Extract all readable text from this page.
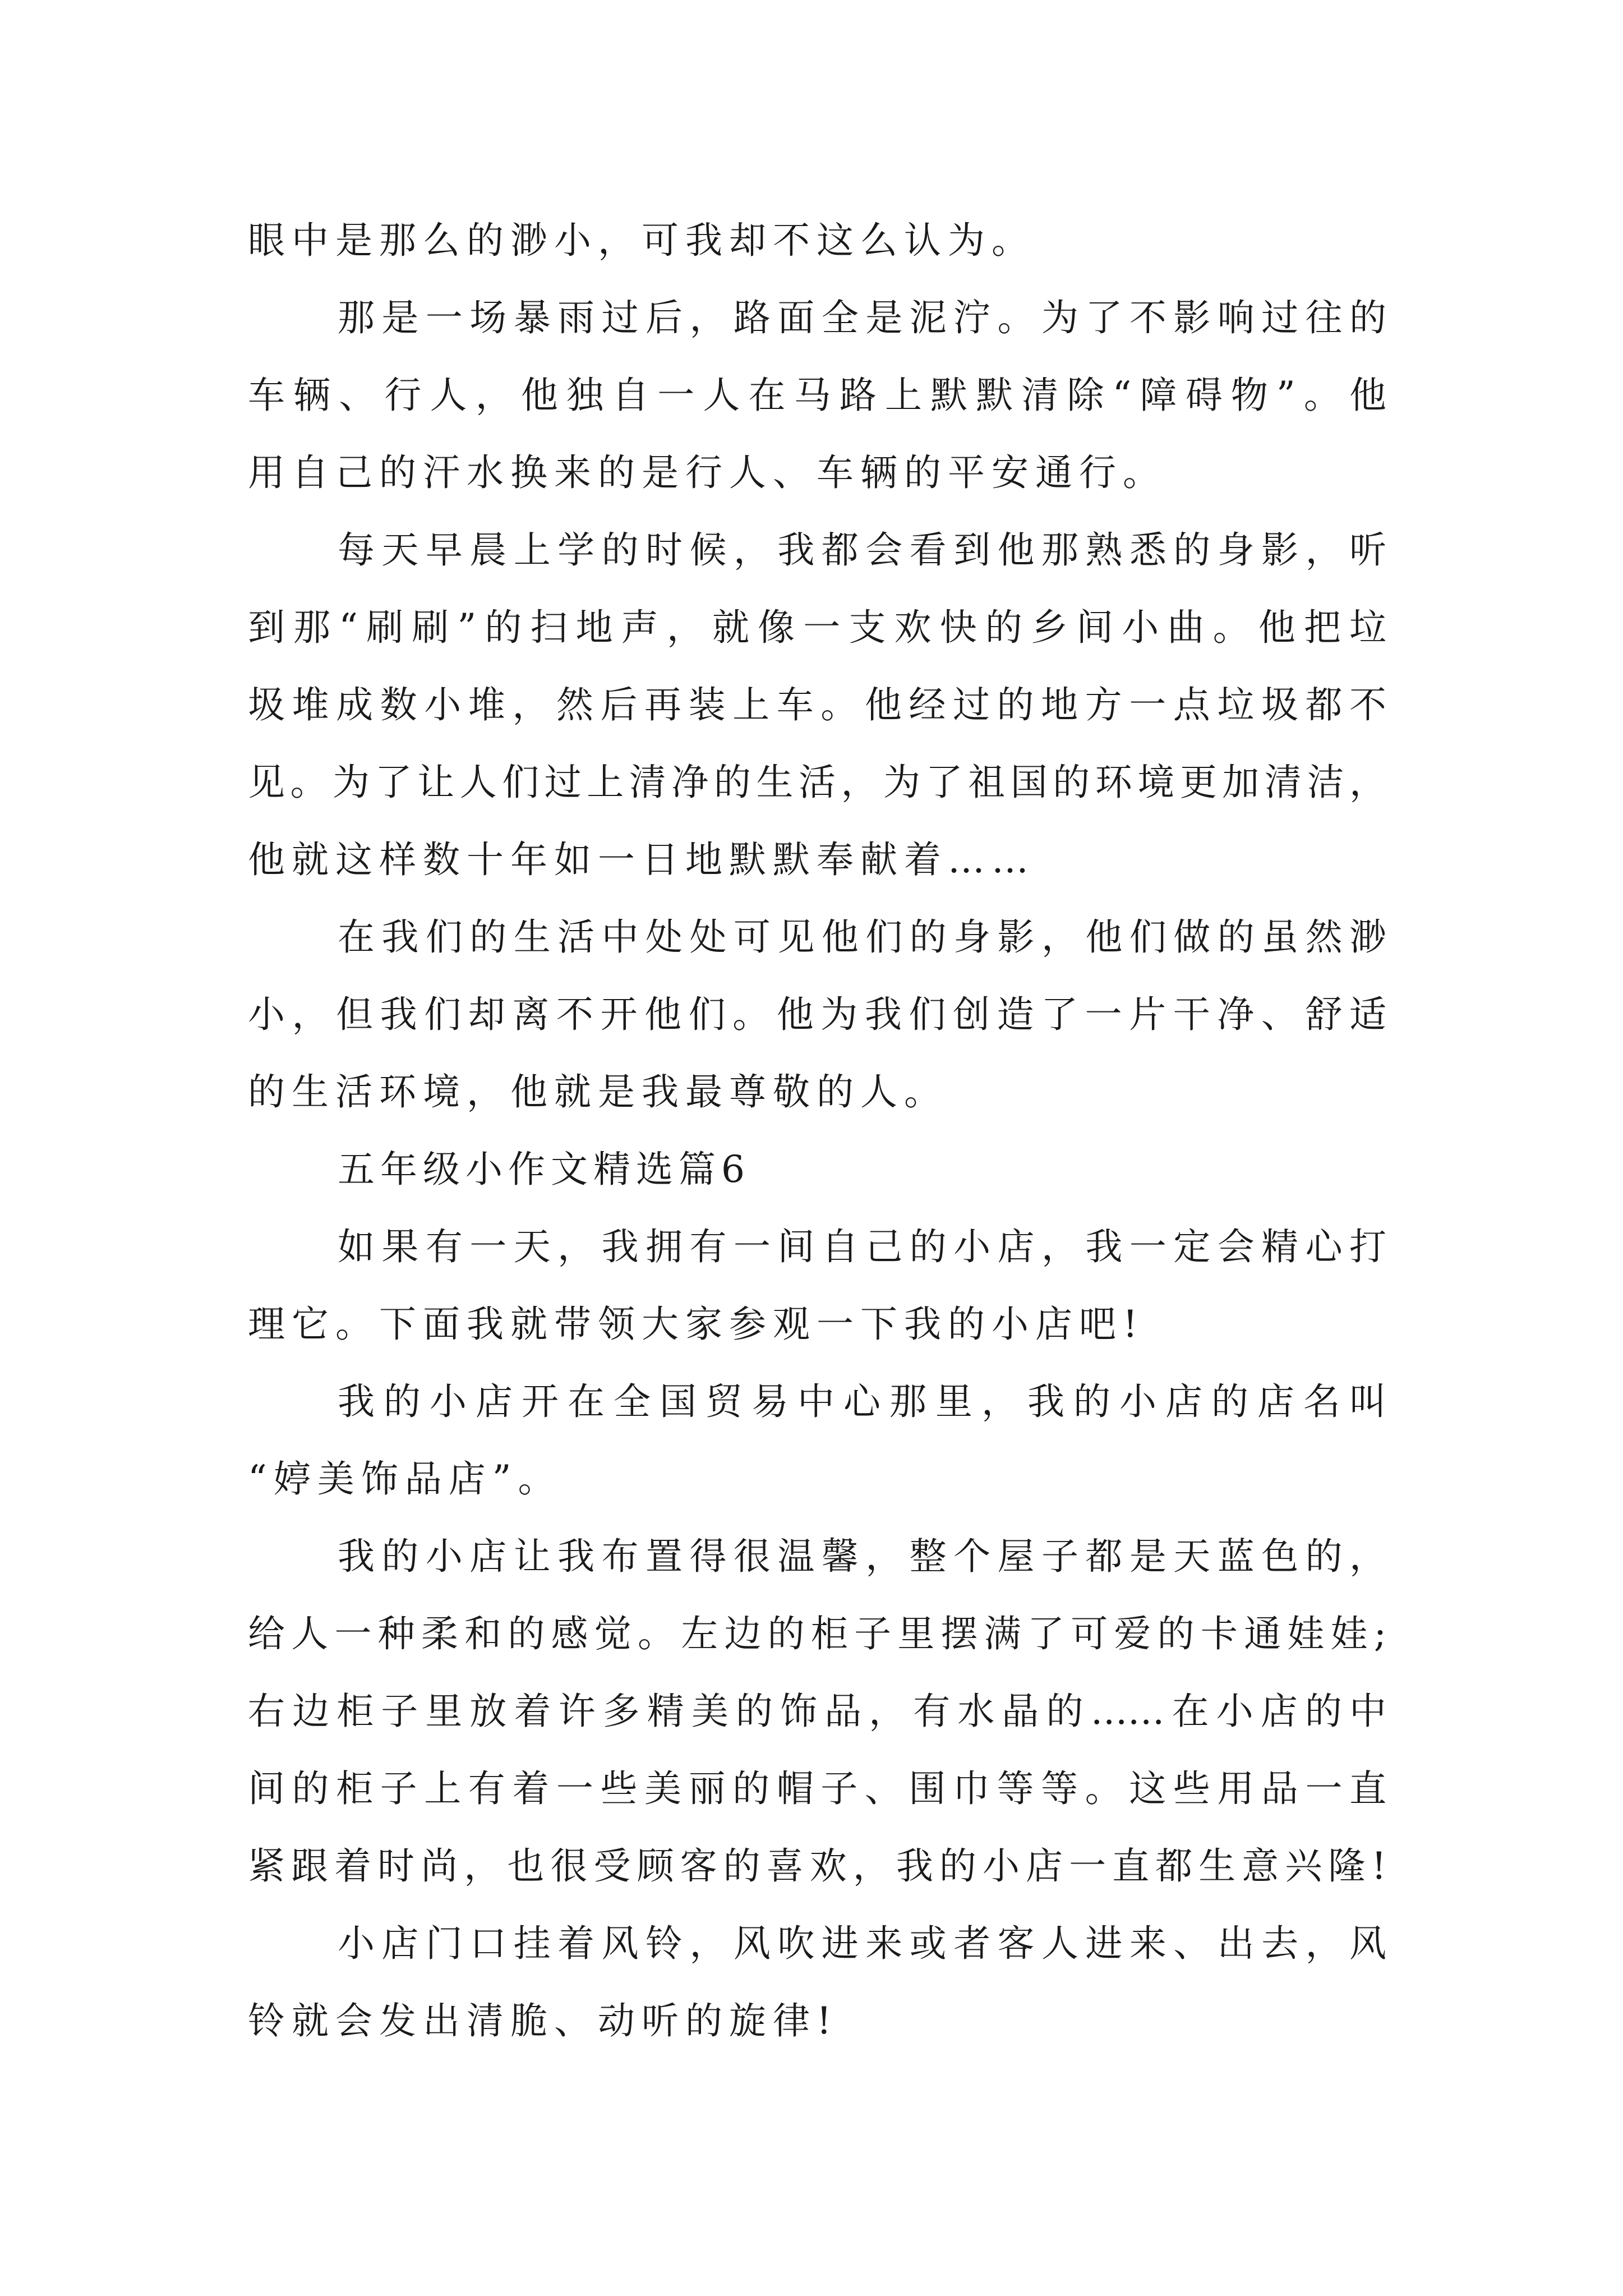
眼中是那么的渺小，可我却不这么认为。
那是一场暴雨过后，路面全是泥泞。为了不影响过往的
车辆、行人，他独自一人在马路上默默清除“障碍物”。他
用自己的汗水换来的是行人、车辆的平安通行。
每天早晨上学的时候，我都会看到他那熟悉的身影，听
到那“刷刷”的扫地声，就像一支欢快的乡间小曲。他把垃
圾堆成数小堆，然后再装上车。他经过的地方一点垃圾都不
见。为了让人们过上清净的生活，为了祖国的环境更加清洁，
他就这样数十年如一日地默默奉献着……
在我们的生活中处处可见他们的身影，他们做的虽然渺
小，但我们却离不开他们。他为我们创造了一片干净、舒适
的生活环境，他就是我最尊敬的人。
五年级小作文精选篇6
如果有一天，我拥有一间自己的小店，我一定会精心打
理它。下面我就带领大家参观一下我的小店吧!
我的小店开在全国贸易中心那里，我的小店的店名叫
“婷美饰品店”。
我的小店让我布置得很温馨，整个屋子都是天蓝色的，
给人一种柔和的感觉。左边的柜子里摆满了可爱的卡通娃娃;
右边柜子里放着许多精美的饰品，有水晶的……在小店的中
间的柜子上有着一些美丽的帽子、围巾等等。这些用品一直
紧跟着时尚，也很受顾客的喜欢，我的小店一直都生意兴隆!
小店门口挂着风铃，风吹进来或者客人进来、出去，风
铃就会发出清脆、动听的旋律!
